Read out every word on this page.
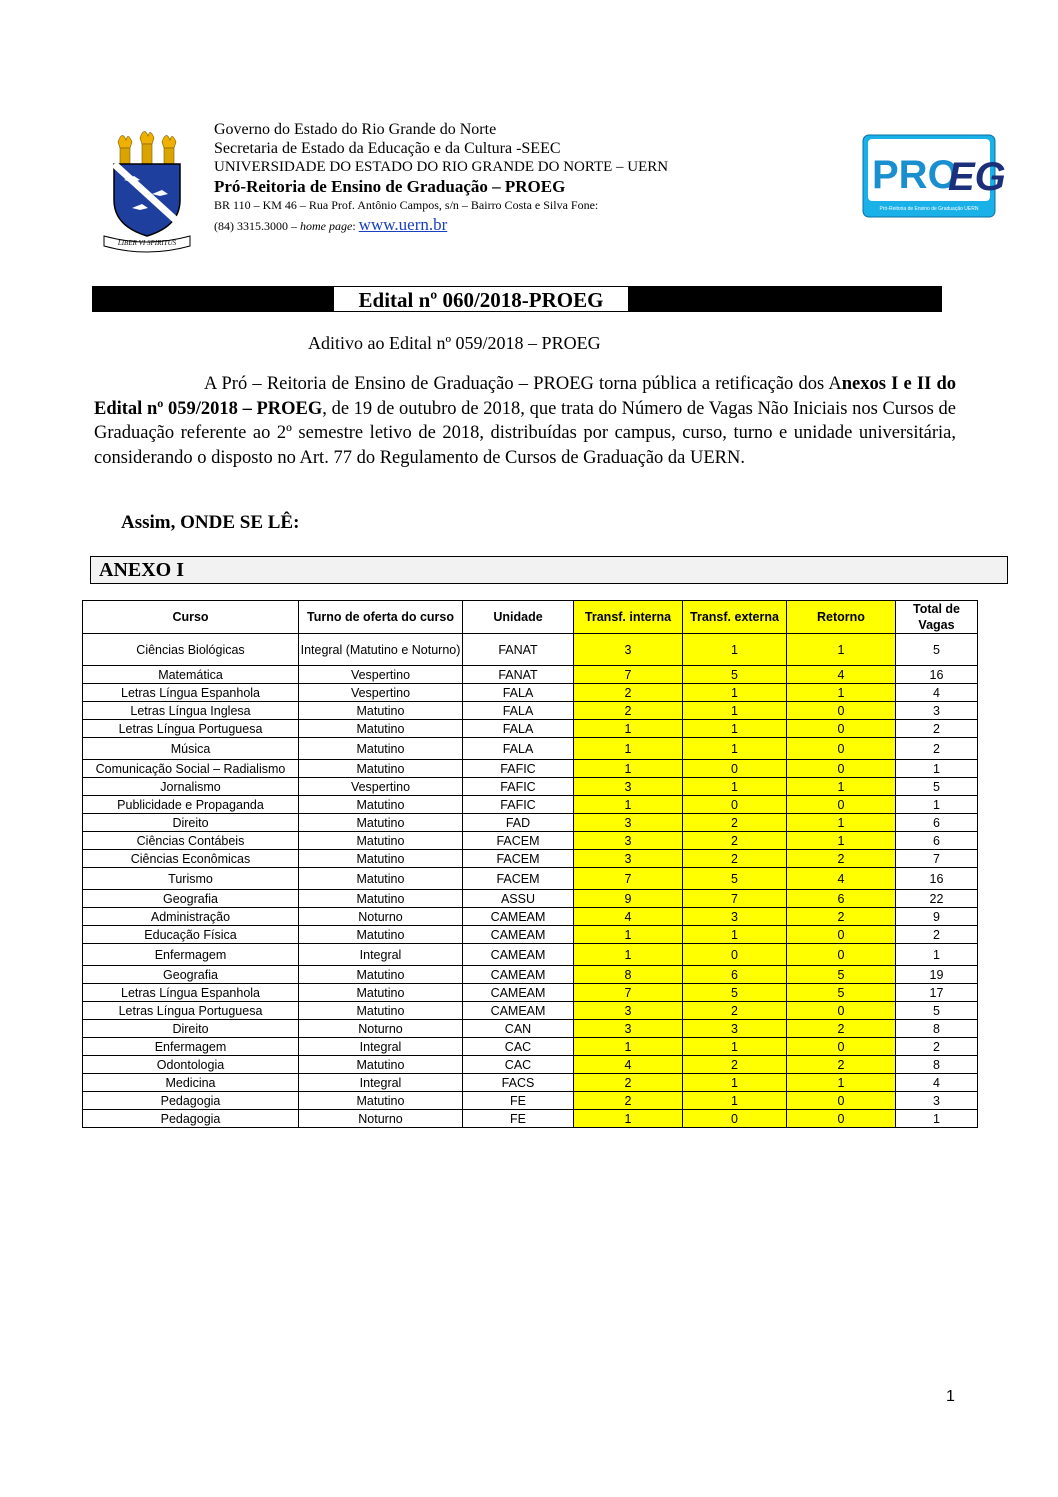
LIBER VI SPIRITUS
Governo do Estado do Rio Grande do Norte
Secretaria de Estado da Educação e da Cultura -SEEC
UNIVERSIDADE DO ESTADO DO RIO GRANDE DO NORTE – UERN
Pró-Reitoria de Ensino de Graduação – PROEG
BR 110 – KM 46 – Rua Prof. Antônio Campos, s/n – Bairro Costa e Silva Fone:
(84) 3315.3000 – home page: www.uern.br
PRO
EG
Pró-Reitoria de Ensino de Graduação UERN
Edital nº 060/2018-PROEG
Aditivo ao Edital nº 059/2018 – PROEG
A Pró – Reitoria de Ensino de Graduação – PROEG torna pública a retificação dos Anexos I e II do Edital nº 059/2018 – PROEG, de 19 de outubro de 2018, que trata do Número de Vagas Não Iniciais nos Cursos de Graduação referente ao 2º semestre letivo de 2018, distribuídas por campus, curso, turno e unidade universitária, considerando o disposto no Art. 77 do Regulamento de Cursos de Graduação da UERN.
Assim, ONDE SE LÊ:
ANEXO I
Curso	Turno de oferta do curso	Unidade	Transf. interna	Transf. externa	Retorno	Total de Vagas
Ciências Biológicas	Integral (Matutino e Noturno)	FANAT	3	1	1	5
Matemática	Vespertino	FANAT	7	5	4	16
Letras Língua Espanhola	Vespertino	FALA	2	1	1	4
Letras Língua Inglesa	Matutino	FALA	2	1	0	3
Letras Língua Portuguesa	Matutino	FALA	1	1	0	2
Música	Matutino	FALA	1	1	0	2
Comunicação Social – Radialismo	Matutino	FAFIC	1	0	0	1
Jornalismo	Vespertino	FAFIC	3	1	1	5
Publicidade e Propaganda	Matutino	FAFIC	1	0	0	1
Direito	Matutino	FAD	3	2	1	6
Ciências Contábeis	Matutino	FACEM	3	2	1	6
Ciências Econômicas	Matutino	FACEM	3	2	2	7
Turismo	Matutino	FACEM	7	5	4	16
Geografia	Matutino	ASSU	9	7	6	22
Administração	Noturno	CAMEAM	4	3	2	9
Educação Física	Matutino	CAMEAM	1	1	0	2
Enfermagem	Integral	CAMEAM	1	0	0	1
Geografia	Matutino	CAMEAM	8	6	5	19
Letras Língua Espanhola	Matutino	CAMEAM	7	5	5	17
Letras Língua Portuguesa	Matutino	CAMEAM	3	2	0	5
Direito	Noturno	CAN	3	3	2	8
Enfermagem	Integral	CAC	1	1	0	2
Odontologia	Matutino	CAC	4	2	2	8
Medicina	Integral	FACS	2	1	1	4
Pedagogia	Matutino	FE	2	1	0	3
Pedagogia	Noturno	FE	1	0	0	1
1
